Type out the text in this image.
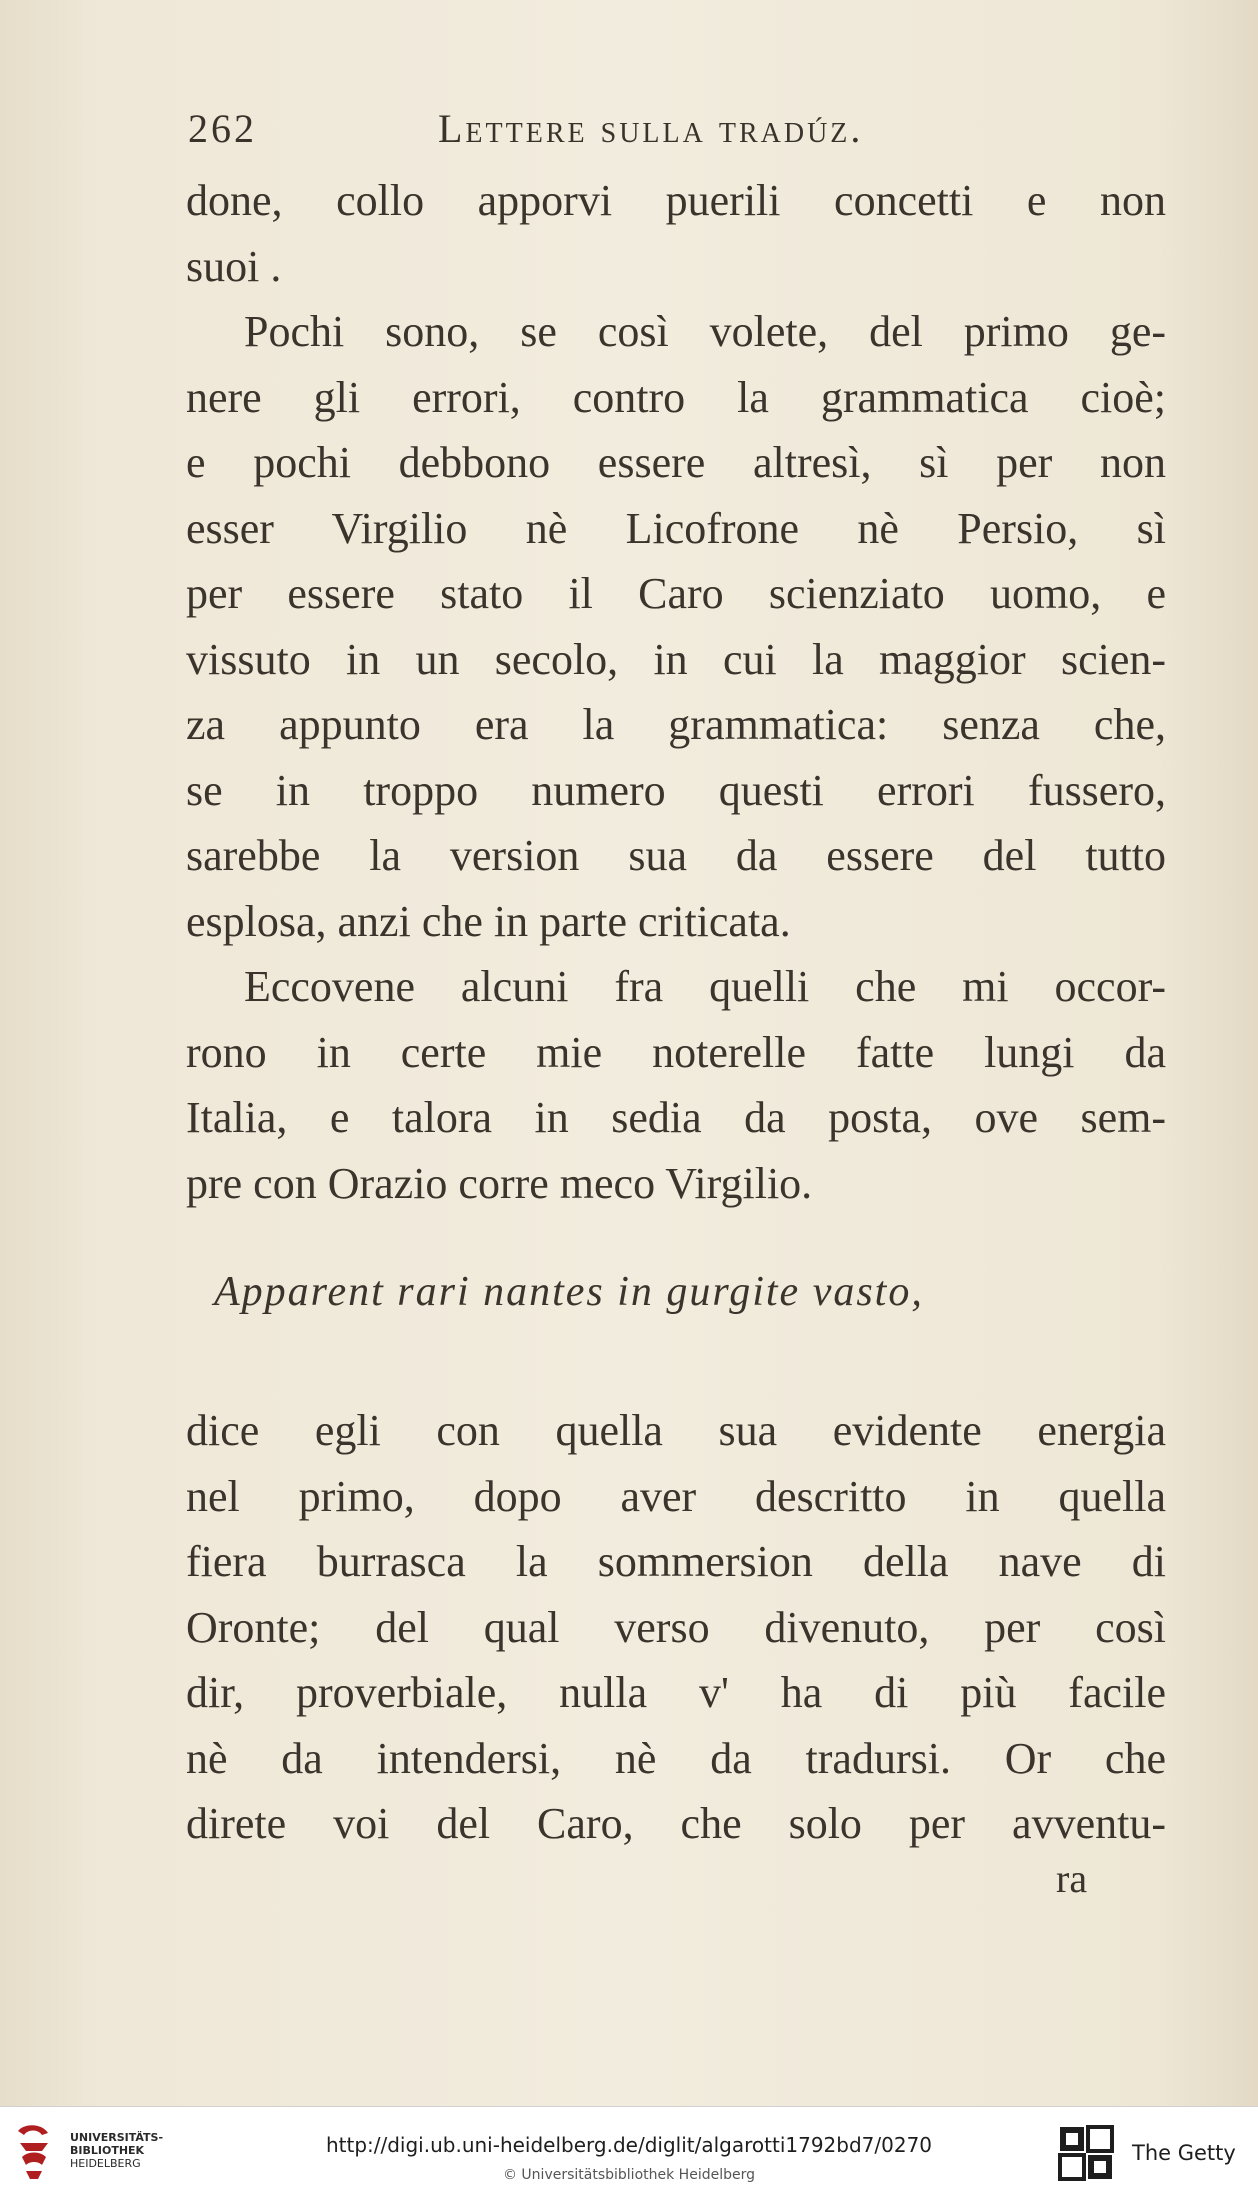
262	Lettere sulla tradúz.
done, collo apporvi puerili concetti e non
suoi .
Pochi sono, se così volete, del primo ge-
nere gli errori, contro la grammatica cioè;
e pochi debbono essere altresì, sì per non
esser Virgilio nè Licofrone nè Persio, sì
per essere stato il Caro scienziato uomo, e
vissuto in un secolo, in cui la maggior scien-
za appunto era la grammatica: senza che,
se in troppo numero questi errori fussero,
sarebbe la version sua da essere del tutto
esplosa, anzi che in parte criticata.
Eccovene alcuni fra quelli che mi occor-
rono in certe mie noterelle fatte lungi da
Italia, e talora in sedia da posta, ove sem-
pre con Orazio corre meco Virgilio.
Apparent rari nantes in gurgite vasto,
dice egli con quella sua evidente energia
nel primo, dopo aver descritto in quella
fiera burrasca la sommersion della nave di
Oronte; del qual verso divenuto, per così
dir, proverbiale, nulla v' ha di più facile
nè da intendersi, nè da tradursi. Or che
direte voi del Caro, che solo per avventu-
ra
UNIVERSITÄTS-
BIBLIOTHEK
HEIDELBERG
http://digi.ub.uni-heidelberg.de/diglit/algarotti1792bd7/0270
© Universitätsbibliothek Heidelberg
The Getty
